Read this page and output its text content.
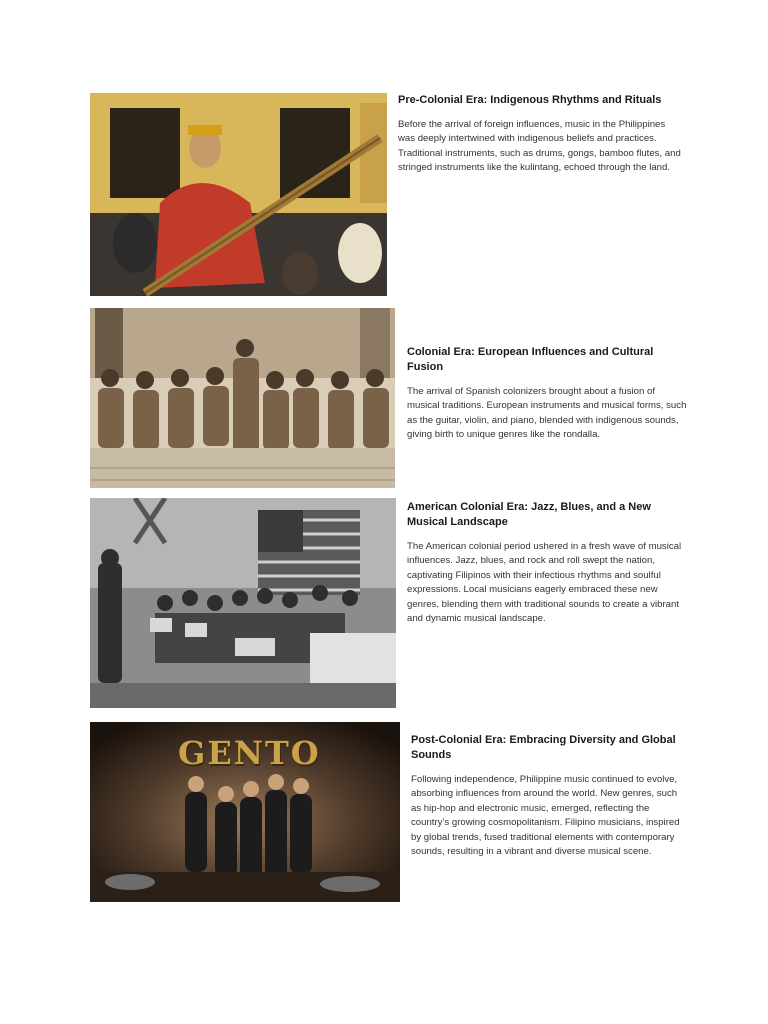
Pre-Colonial Era: Indigenous Rhythms and Rituals

Before the arrival of foreign influences, music in the Philippines was deeply intertwined with indigenous beliefs and practices. Traditional instruments, such as drums, gongs, bamboo flutes, and stringed instruments like the kulintang, echoed through the land.

Colonial Era: European Influences and Cultural Fusion

The arrival of Spanish colonizers brought about a fusion of musical traditions. European instruments and musical forms, such as the guitar, violin, and piano, blended with indigenous sounds, giving birth to unique genres like the rondalla.

American Colonial Era: Jazz, Blues, and a New Musical Landscape

The American colonial period ushered in a fresh wave of musical influences. Jazz, blues, and rock and roll swept the nation, captivating Filipinos with their infectious rhythms and soulful expressions. Local musicians eagerly embraced these new genres, blending them with traditional sounds to create a vibrant and dynamic musical landscape.

GENTO	Post-Colonial Era: Embracing Diversity and Global Sounds

Following independence, Philippine music continued to evolve, absorbing influences from around the world. New genres, such as hip-hop and electronic music, emerged, reflecting the country’s growing cosmopolitanism. Filipino musicians, inspired by global trends, fused traditional elements with contemporary sounds, resulting in a vibrant and diverse musical scene.
